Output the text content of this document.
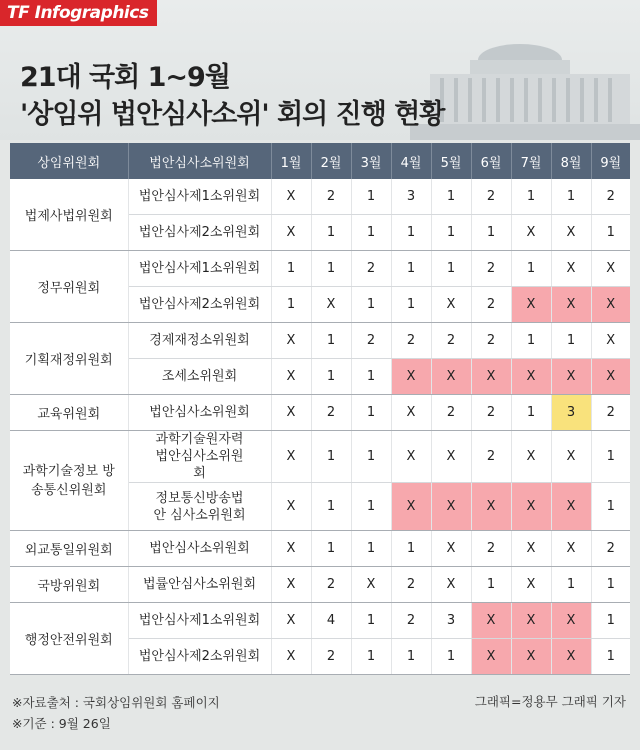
TF Infographics
21대 국회 1~9월
'상임위 법안심사소위' 회의 진행 현황
상임위원회	법안심사소위원회	1월	2월	3월	4월	5월	6월	7월	8월	9월
법제사법위원회	법안심사제1소위원회	X	2	1	3	1	2	1	1	2
	법안심사제2소위원회	X	1	1	1	1	1	X	X	1
정무위원회	법안심사제1소위원회	1	1	2	1	1	2	1	X	X
	법안심사제2소위원회	1	X	1	1	X	2	X	X	X
기획재정위원회	경제재정소위원회	X	1	2	2	2	2	1	1	X
	조세소위원회	X	1	1	X	X	X	X	X	X
교육위원회	법안심사소위원회	X	2	1	X	2	2	1	3	2
과학기술정보 방송통신위원회	과학기술원자력 법안심사소위원회	X	1	1	X	X	2	X	X	1
	정보통신방송법안 심사소위원회	X	1	1	X	X	X	X	X	1
외교통일위원회	법안심사소위원회	X	1	1	1	X	2	X	X	2
국방위원회	법률안심사소위원회	X	2	X	2	X	1	X	1	1
행정안전위원회	법안심사제1소위원회	X	4	1	2	3	X	X	X	1
	법안심사제2소위원회	X	2	1	1	1	X	X	X	1
※자료출처 : 국회상임위원회 홈페이지
※기준 : 9월 26일
그래픽=정용무 그래픽 기자
